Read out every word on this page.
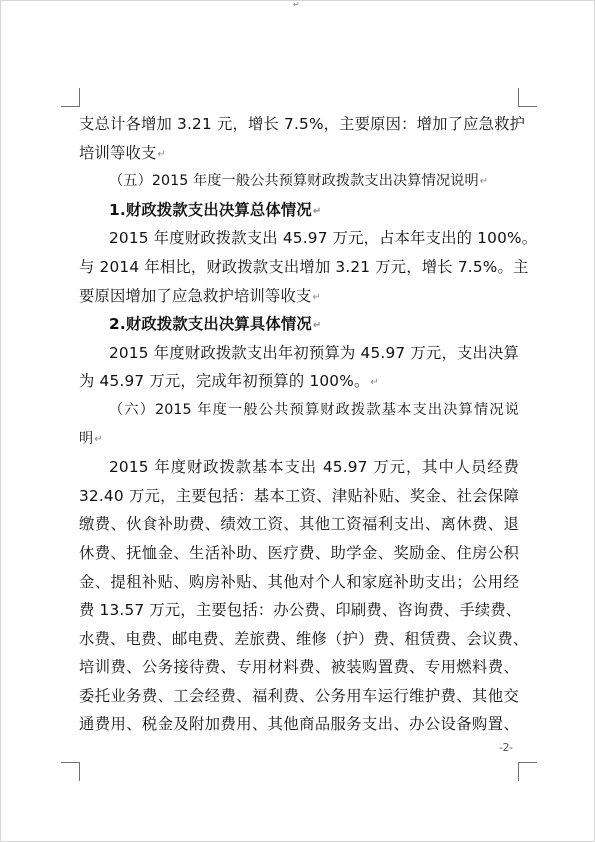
↵
支总计各增加 3.21 元，增长 7.5%，主要原因：增加了应急救护
培训等收支↵
（五）2015 年度一般公共预算财政拨款支出决算情况说明↵
1.财政拨款支出决算总体情况↵
2015 年度财政拨款支出 45.97 万元，占本年支出的 100%。
与 2014 年相比，财政拨款支出增加 3.21 万元，增长 7.5%。主
要原因增加了应急救护培训等收支↵
2.财政拨款支出决算具体情况↵
2015 年度财政拨款支出年初预算为 45.97 万元，支出决算
为 45.97 万元，完成年初预算的 100%。↵
（六）2015 年度一般公共预算财政拨款基本支出决算情况说
明↵
2015 年度财政拨款基本支出 45.97 万元，其中人员经费
32.40 万元，主要包括：基本工资、津贴补贴、奖金、社会保障
缴费、伙食补助费、绩效工资、其他工资福利支出、离休费、退
休费、抚恤金、生活补助、医疗费、助学金、奖励金、住房公积
金、提租补贴、购房补贴、其他对个人和家庭补助支出；公用经
费 13.57 万元，主要包括：办公费、印刷费、咨询费、手续费、
水费、电费、邮电费、差旅费、维修（护）费、租赁费、会议费、
培训费、公务接待费、专用材料费、被装购置费、专用燃料费、
委托业务费、工会经费、福利费、公务用车运行维护费、其他交
通费用、税金及附加费用、其他商品服务支出、办公设备购置、
-2-
